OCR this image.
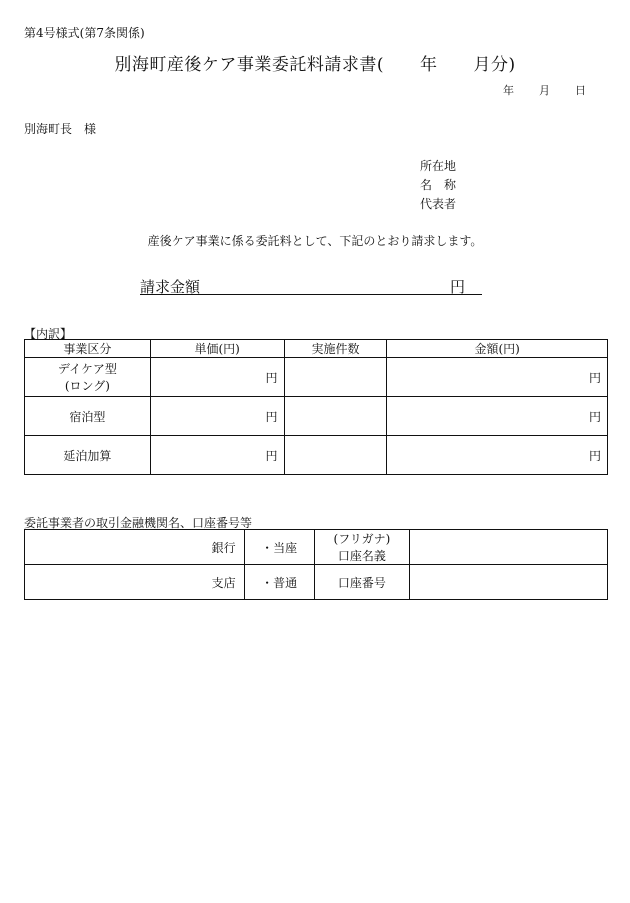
第4号様式(第7条関係)
別海町産後ケア事業委託料請求書( 年 月分)
年 月 日
別海町長　様
所在地
名　称
代表者
産後ケア事業に係る委託料として、下記のとおり請求します。
請求金額	円
【内訳】
事業区分	単価(円)	実施件数	金額(円)

デイケア型
(ロング)	円		円
宿泊型	円		円
延泊加算	円		円
委託事業者の取引金融機関名、口座番号等
銀行	・当座	(フリガナ)
口座名義	

支店	・普通	口座番号	
